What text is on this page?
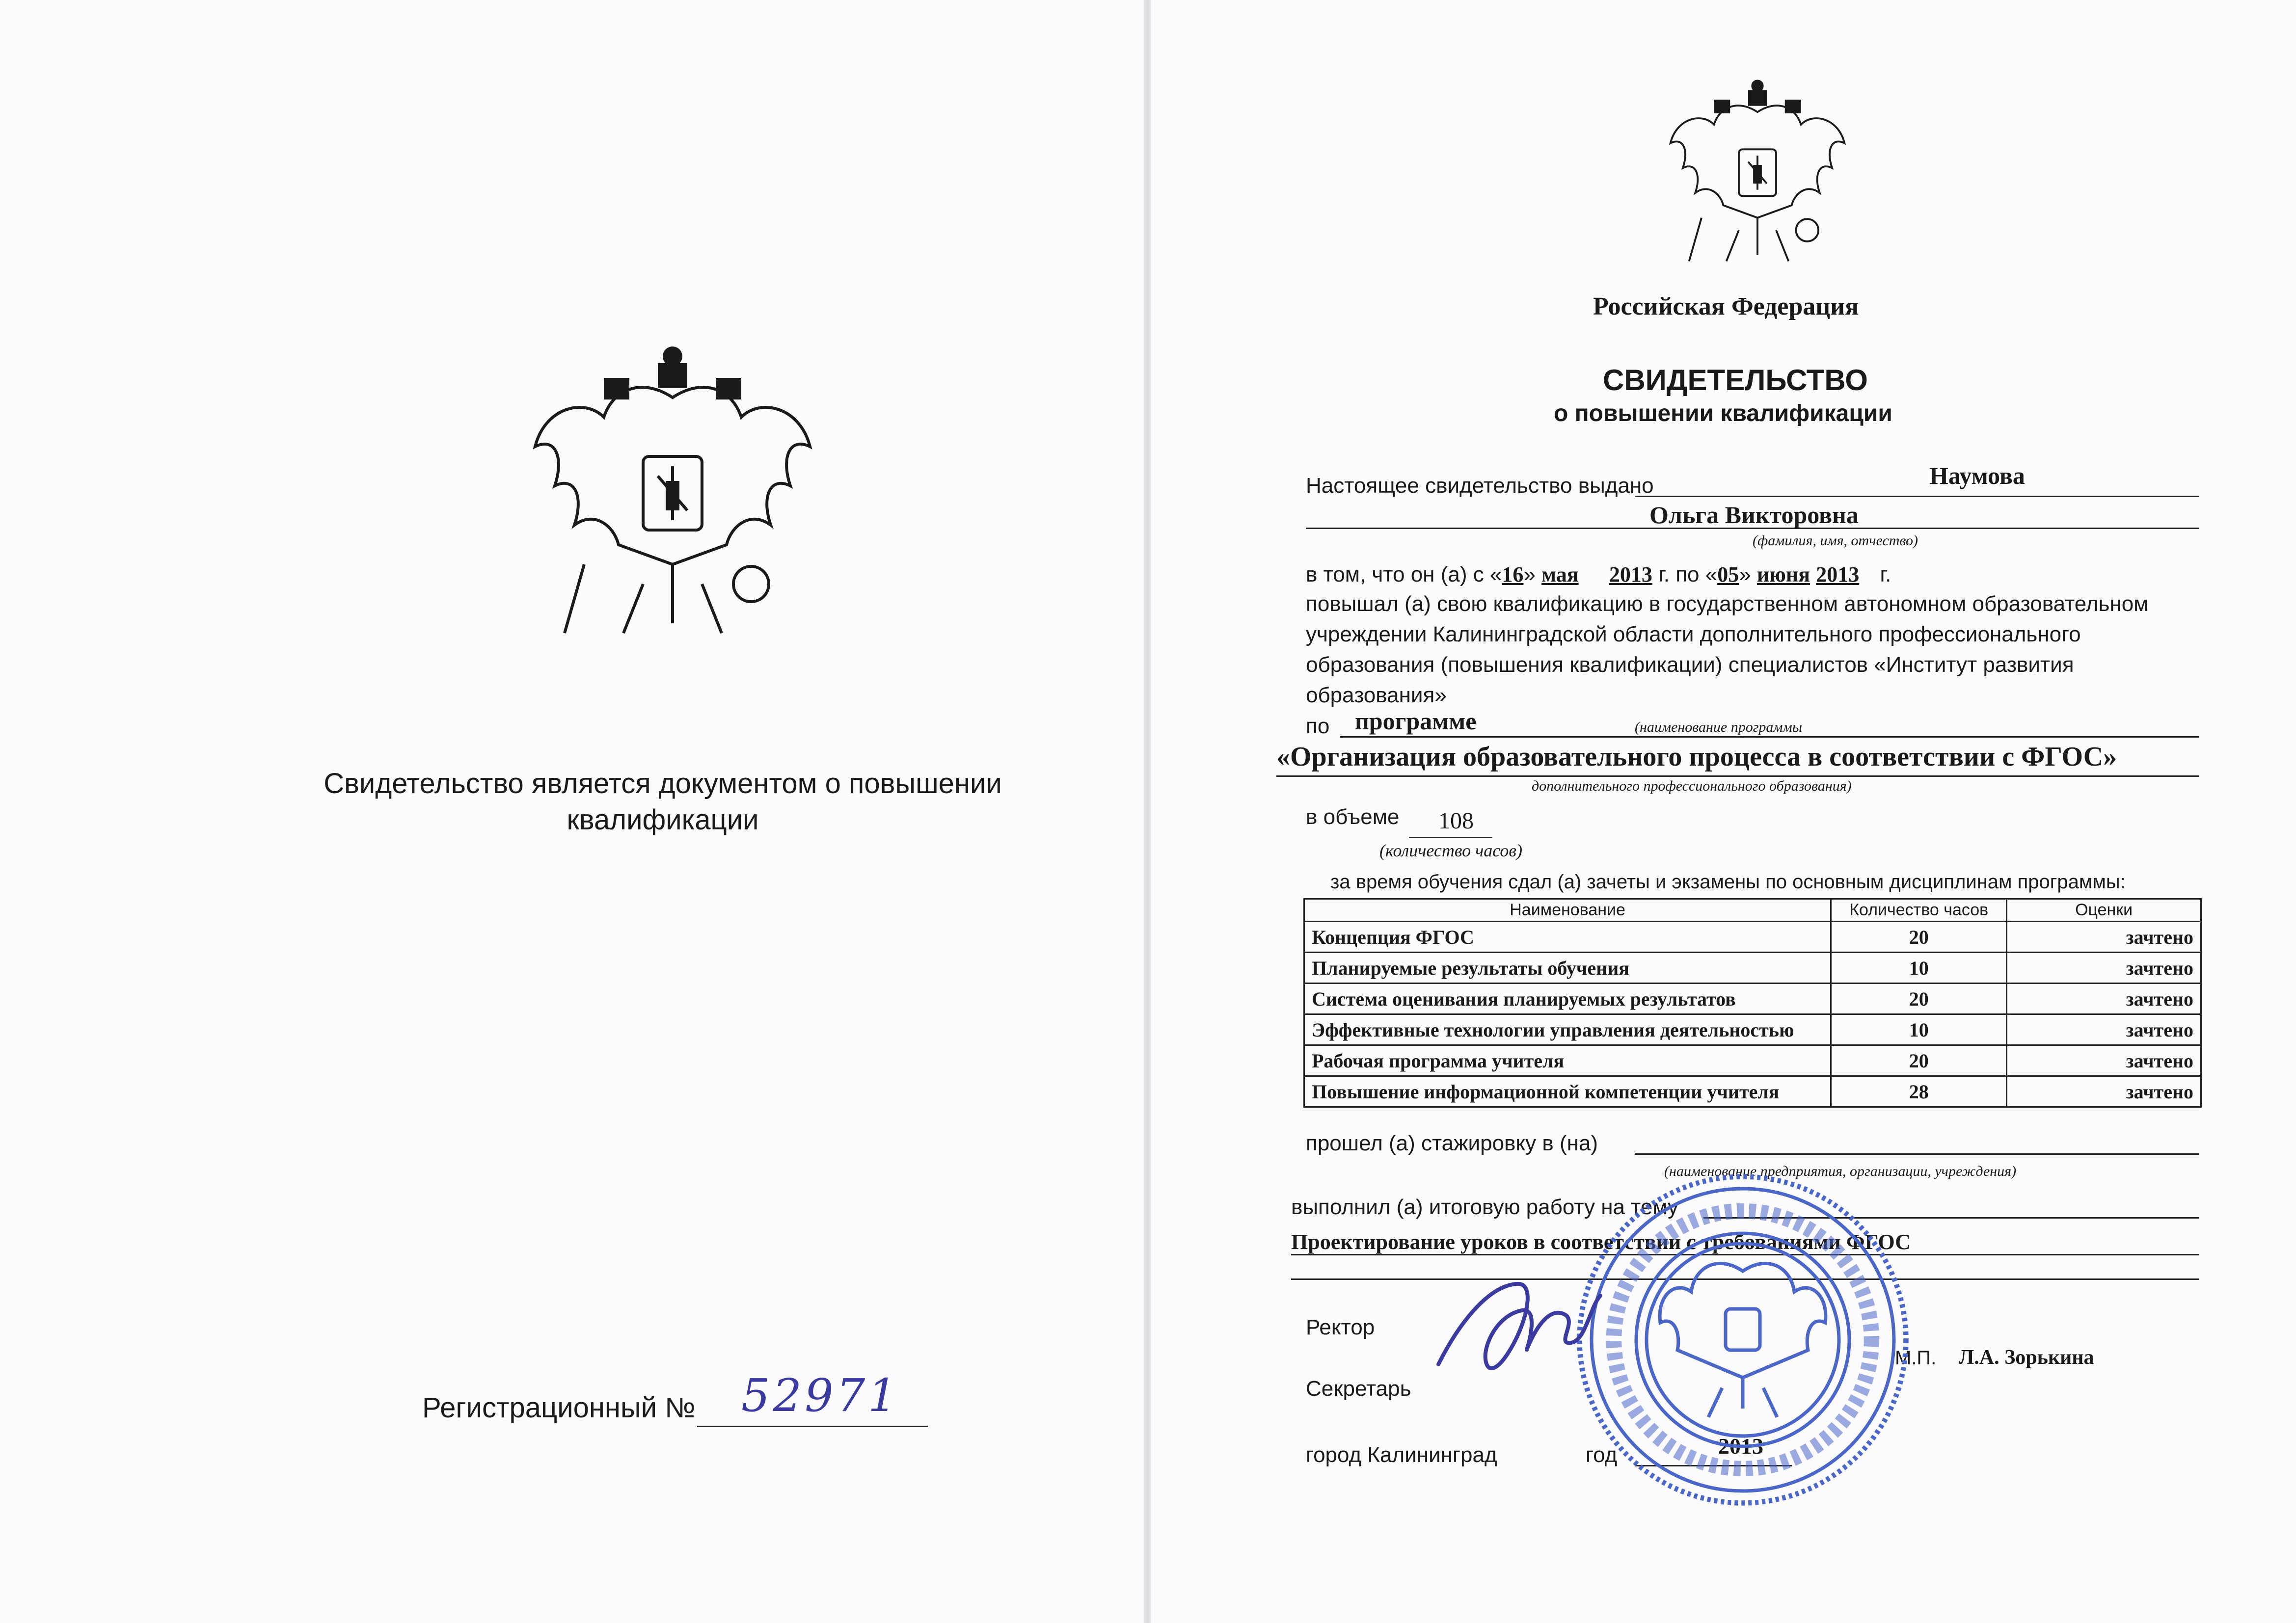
Свидетельство является документом о повышении
квалификации
Регистрационный № 52971
Российская Федерация
СВИДЕТЕЛЬСТВО
о повышении квалификации
Настоящее свидетельство выдано	Наумова
Ольга Викторовна
(фамилия, имя, отчество)
в том, что он (а) с «16» мая 2013 г. по «05» июня 2013 г.
повышал (а) свою квалификацию в государственном автономном образовательном
учреждении Калининградской области дополнительного профессионального
образования (повышения квалификации) специалистов «Институт развития
образования»
по программе	(наименование программы
«Организация образовательного процесса в соответствии с ФГОС»
дополнительного профессионального образования)
в объеме 108
(количество часов)
за время обучения сдал (а) зачеты и экзамены по основным дисциплинам программы:
Наименование	Количество часов	Оценки
Концепция ФГОС	20	зачтено
Планируемые результаты обучения	10	зачтено
Система оценивания планируемых результатов	20	зачтено
Эффективные технологии управления деятельностью	10	зачтено
Рабочая программа учителя	20	зачтено
Повышение информационной компетенции учителя	28	зачтено
прошел (а) стажировку в (на)
(наименование предприятия, организации, учреждения)
выполнил (а) итоговую работу на тему
Проектирование уроков в соответствии с требованиями ФГОС
Ректор
Секретарь
М.П. Л.А. Зорькина
город Калининград	год	2013
